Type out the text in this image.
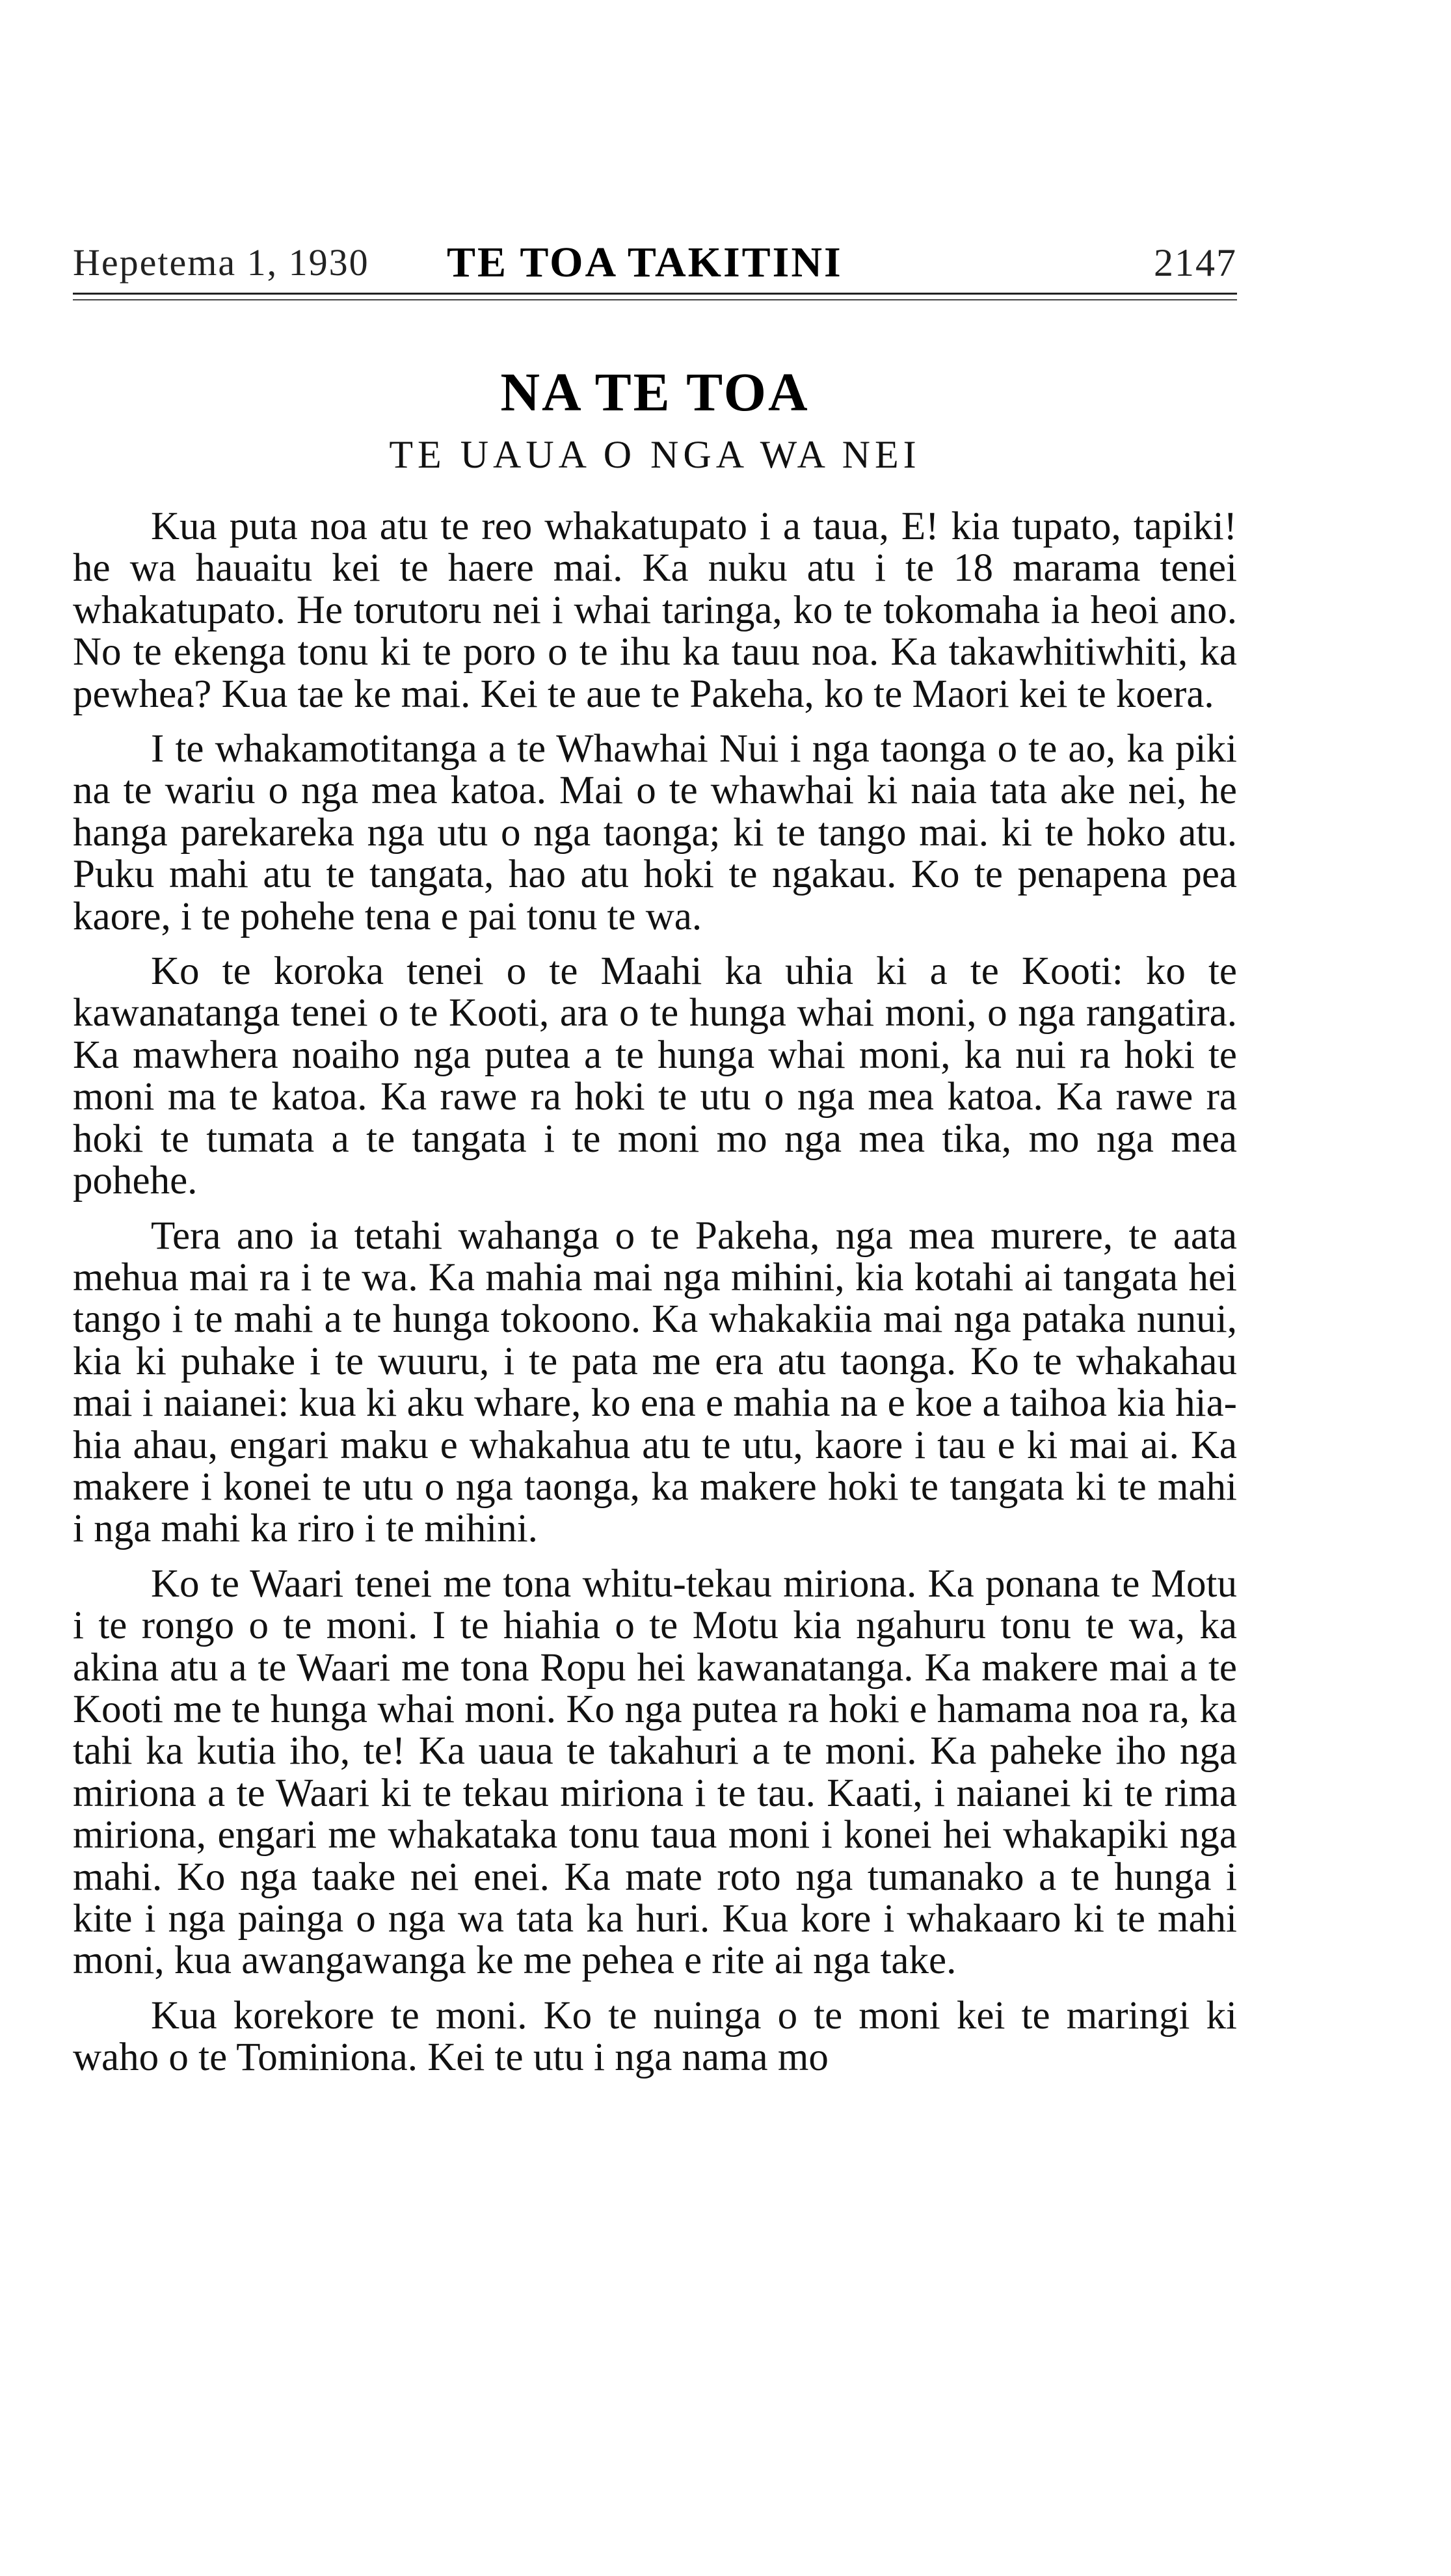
Hepetema 1, 1930 TE TOA TAKITINI	2147
NA TE TOA
TE UAUA O NGA WA NEI

Kua puta noa atu te reo whakatupato i a taua, E! kia tupato, tapiki! he wa hauaitu kei te haere mai. Ka nuku atu i te 18 marama tenei whakatupato. He torutoru nei i whai taringa, ko te tokomaha ia heoi ano. No te ekenga tonu ki te poro o te ihu ka tauu noa. Ka takawhitiwhiti, ka pewhea? Kua tae ke mai. Kei te aue te Pakeha, ko te Maori kei te koera.

I te whakamotitanga a te Whawhai Nui i nga taonga o te ao, ka piki na te wariu o nga mea katoa. Mai o te whawhai ki naia tata ake nei, he hanga parekareka nga utu o nga taonga; ki te tango mai. ki te hoko atu. Puku mahi atu te tangata, hao atu hoki te ngakau. Ko te penapena pea kaore, i te pohehe tena e pai tonu te wa.

Ko te koroka tenei o te Maahi ka uhia ki a te Kooti: ko te kawanatanga tenei o te Kooti, ara o te hunga whai moni, o nga rangatira. Ka mawhera noaiho nga putea a te hunga whai moni, ka nui ra hoki te moni ma te katoa. Ka rawe ra hoki te utu o nga mea katoa. Ka rawe ra hoki te tumata a te tangata i te moni mo nga mea tika, mo nga mea pohehe.

Tera ano ia tetahi wahanga o te Pakeha, nga mea murere, te aata mehua mai ra i te wa. Ka mahia mai nga mihini, kia kotahi ai tangata hei tango i te mahi a te hunga tokoono. Ka whakakiia mai nga pataka nunui, kia ki puhake i te wuuru, i te pata me era atu taonga. Ko te whakahau mai i naianei: kua ki aku whare, ko ena e mahia na e koe a taihoa kia hiahia ahau, engari maku e whakahua atu te utu, kaore i tau e ki mai ai. Ka makere i konei te utu o nga taonga, ka makere hoki te tangata ki te mahi i nga mahi ka riro i te mihini.

Ko te Waari tenei me tona whitu-tekau miriona. Ka ponana te Motu i te rongo o te moni. I te hiahia o te Motu kia ngahuru tonu te wa, ka akina atu a te Waari me tona Ropu hei kawanatanga. Ka makere mai a te Kooti me te hunga whai moni. Ko nga putea ra hoki e hamama noa ra, ka tahi ka kutia iho, te! Ka uaua te takahuri a te moni. Ka paheke iho nga miriona a te Waari ki te tekau miriona i te tau. Kaati, i naianei ki te rima miriona, engari me whakataka tonu taua moni i konei hei whakapiki nga mahi. Ko nga taake nei enei. Ka mate roto nga tumanako a te hunga i kite i nga painga o nga wa tata ka huri. Kua kore i whakaaro ki te mahi moni, kua awangawanga ke me pehea e rite ai nga take.

Kua korekore te moni. Ko te nuinga o te moni kei te maringi ki waho o te Tominiona. Kei te utu i nga nama mo
